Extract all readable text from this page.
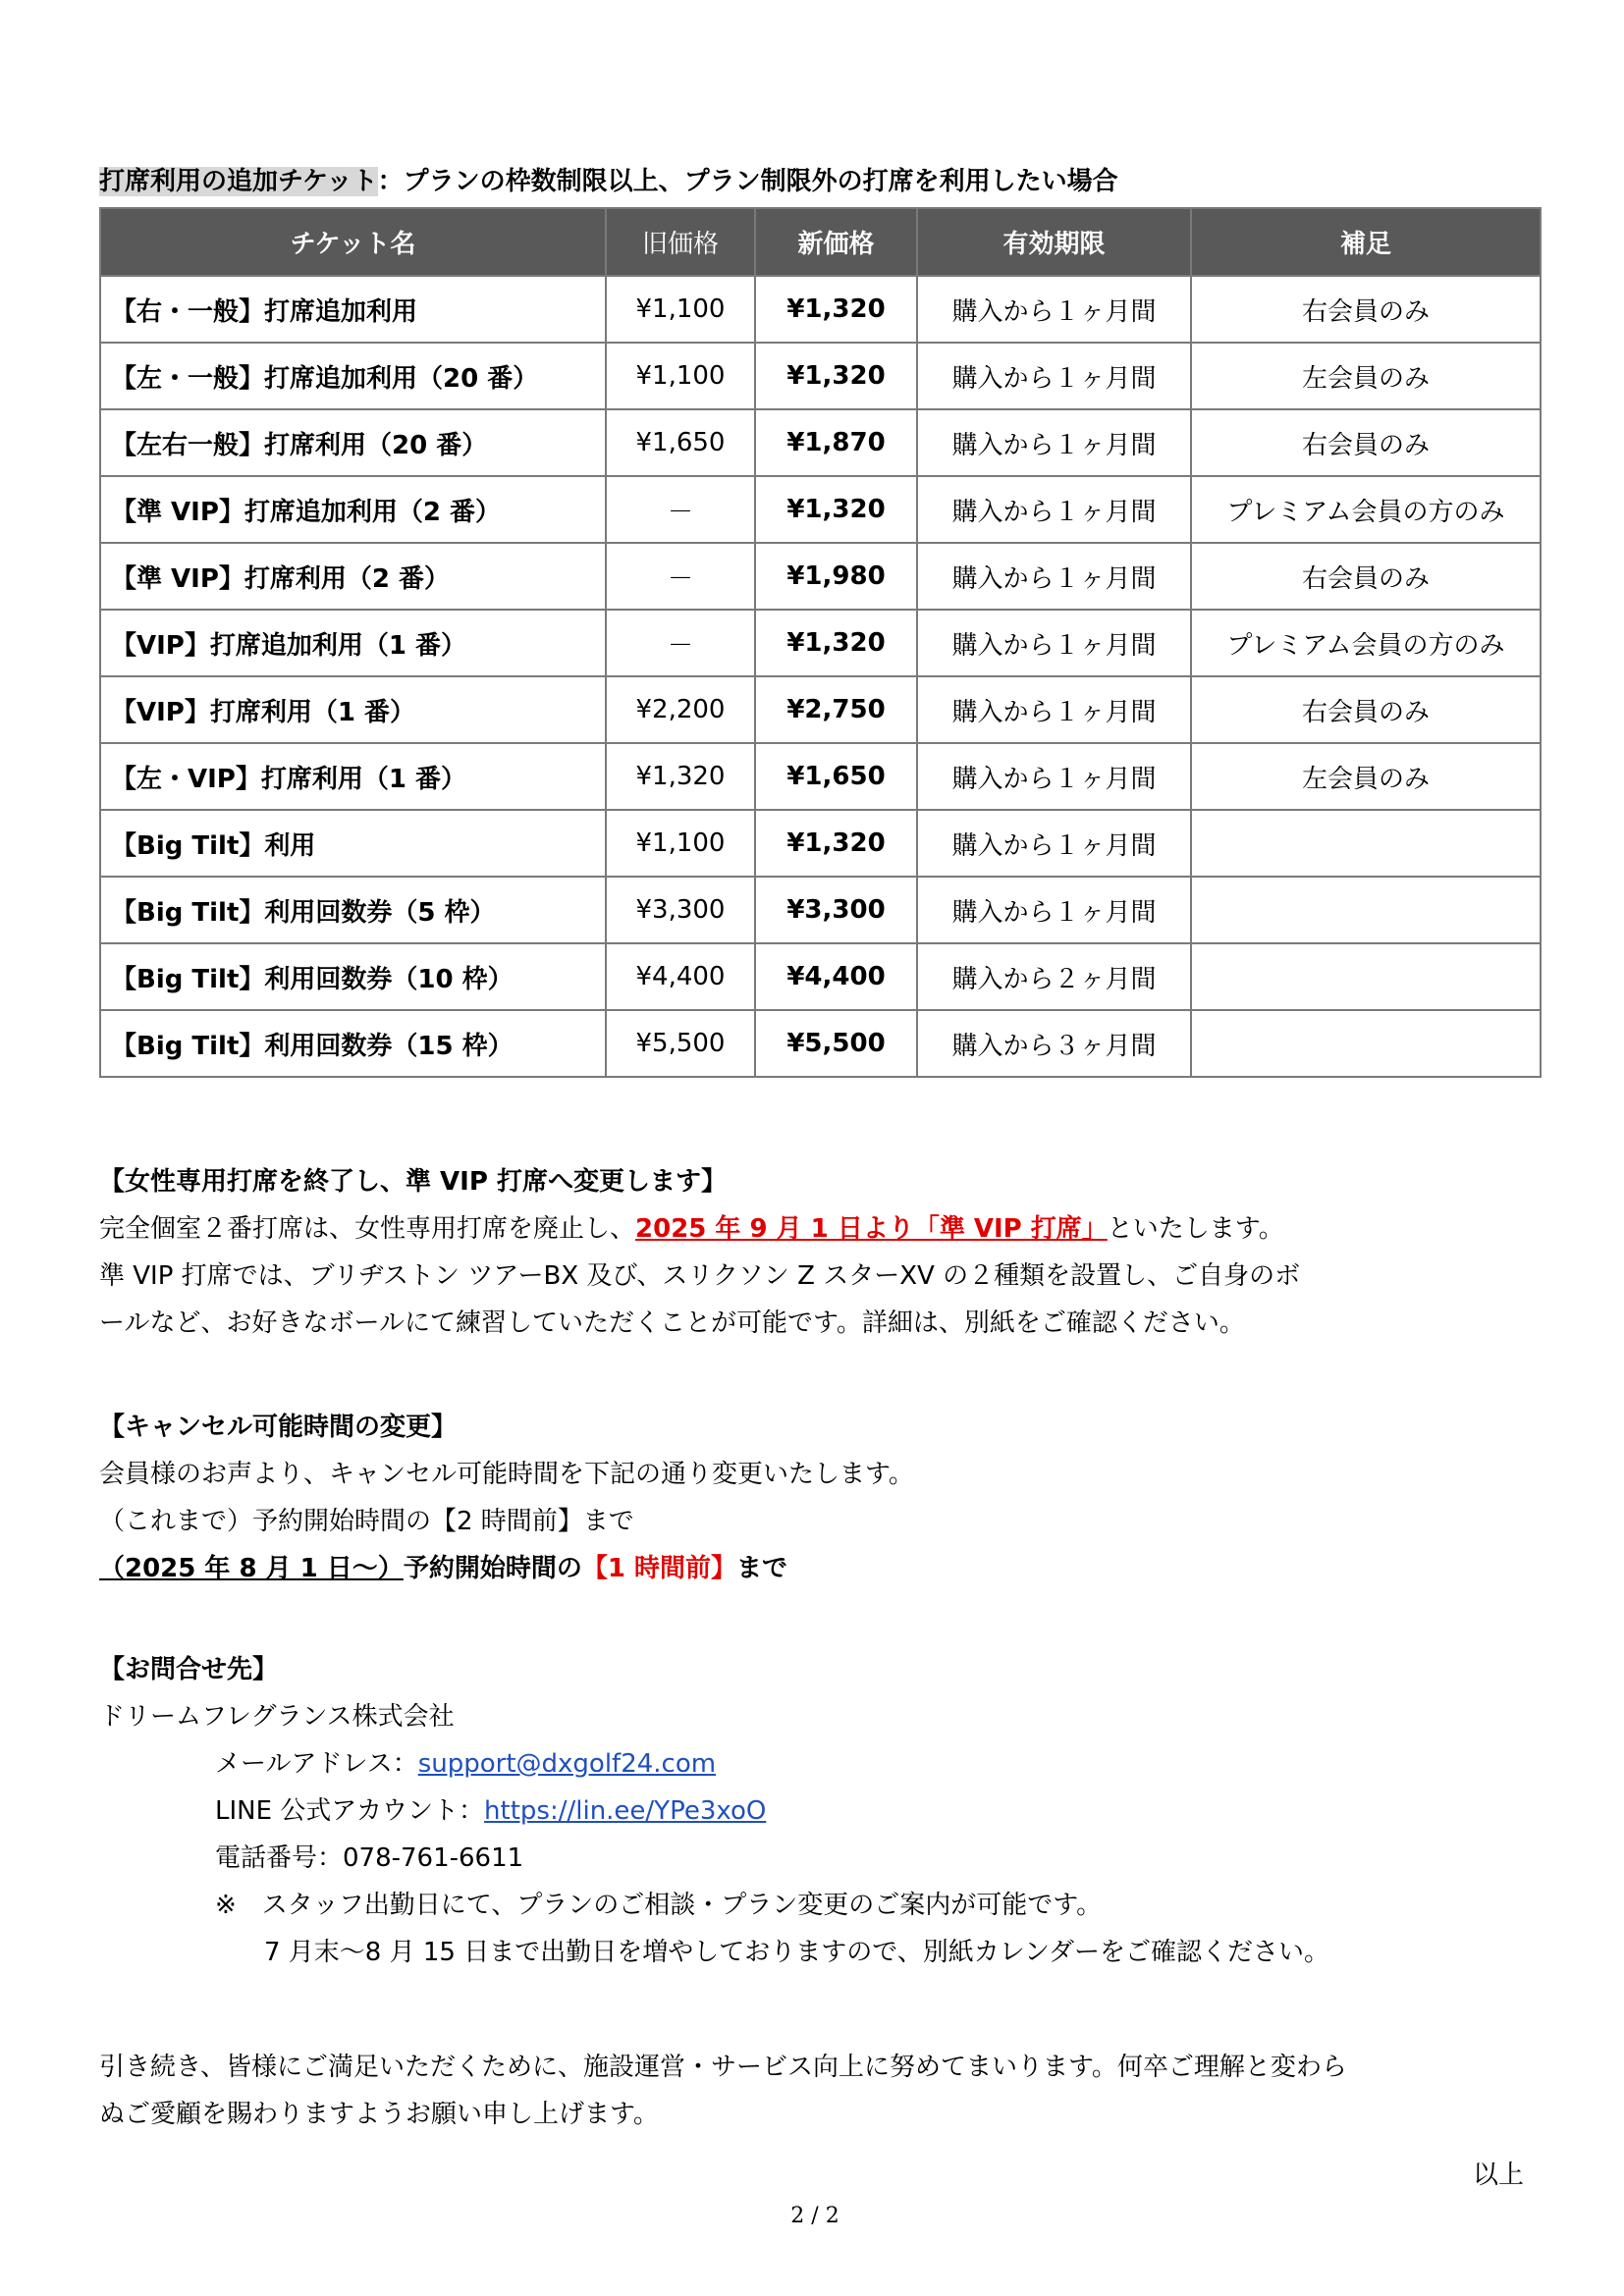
打席利用の追加チケット：プランの枠数制限以上、プラン制限外の打席を利用したい場合
チケット名	旧価格	新価格	有効期限	補足
【右・一般】打席追加利用	¥1,100	¥1,320	購入から１ヶ月間	右会員のみ
【左・一般】打席追加利用（20 番）	¥1,100	¥1,320	購入から１ヶ月間	左会員のみ
【左右一般】打席利用（20 番）	¥1,650	¥1,870	購入から１ヶ月間	右会員のみ
【準 VIP】打席追加利用（2 番）	－	¥1,320	購入から１ヶ月間	プレミアム会員の方のみ
【準 VIP】打席利用（2 番）	－	¥1,980	購入から１ヶ月間	右会員のみ
【VIP】打席追加利用（1 番）	－	¥1,320	購入から１ヶ月間	プレミアム会員の方のみ
【VIP】打席利用（1 番）	¥2,200	¥2,750	購入から１ヶ月間	右会員のみ
【左・VIP】打席利用（1 番）	¥1,320	¥1,650	購入から１ヶ月間	左会員のみ
【Big Tilt】利用	¥1,100	¥1,320	購入から１ヶ月間	
【Big Tilt】利用回数券（5 枠）	¥3,300	¥3,300	購入から１ヶ月間	
【Big Tilt】利用回数券（10 枠）	¥4,400	¥4,400	購入から２ヶ月間	
【Big Tilt】利用回数券（15 枠）	¥5,500	¥5,500	購入から３ヶ月間	

【女性専用打席を終了し、準 VIP 打席へ変更します】

完全個室２番打席は、女性専用打席を廃止し、2025 年 9 月 1 日より「準 VIP 打席」といたします。

準 VIP 打席では、ブリヂストン ツアーBX 及び、スリクソン Z スターXV の２種類を設置し、ご自身のボ

ールなど、お好きなボールにて練習していただくことが可能です。詳細は、別紙をご確認ください。

【キャンセル可能時間の変更】

会員様のお声より、キャンセル可能時間を下記の通り変更いたします。

（これまで）予約開始時間の【2 時間前】まで

（2025 年 8 月 1 日～）予約開始時間の【1 時間前】まで

【お問合せ先】

ドリームフレグランス株式会社

メールアドレス：support@dxgolf24.com

LINE 公式アカウント：https://lin.ee/YPe3xoO

電話番号：078-761-6611

※　スタッフ出勤日にて、プランのご相談・プラン変更のご案内が可能です。

7 月末～8 月 15 日まで出勤日を増やしておりますので、別紙カレンダーをご確認ください。

引き続き、皆様にご満足いただくために、施設運営・サービス向上に努めてまいります。何卒ご理解と変わら

ぬご愛顧を賜わりますようお願い申し上げます。

以上
2 / 2
